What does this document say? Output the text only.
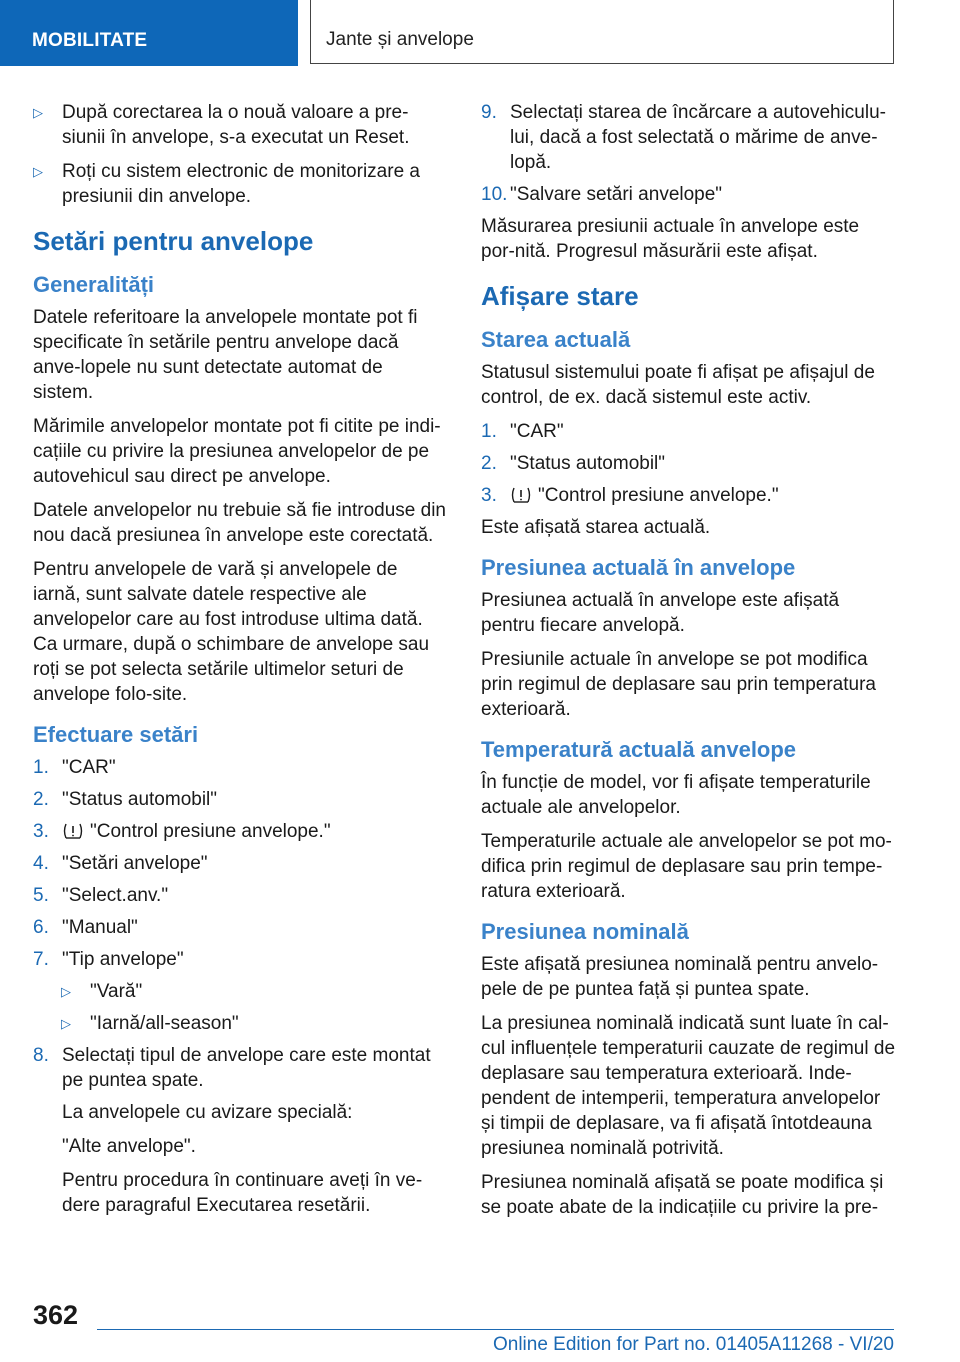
MOBILITATE	Jante și anvelope
▷ După corectarea la o nouă valoare a pre-siunii în anvelope, s-a executat un Reset.
▷ Roți cu sistem electronic de monitorizare a presiunii din anvelope.
Setări pentru anvelope
Generalități

Datele referitoare la anvelopele montate pot fi specificate în setările pentru anvelope dacă anve-lopele nu sunt detectate automat de sistem.

Mărimile anvelopelor montate pot fi citite pe indi-cațiile cu privire la presiunea anvelopelor de pe autovehicul sau direct pe anvelope.

Datele anvelopelor nu trebuie să fie introduse din nou dacă presiunea în anvelope este corectată.

Pentru anvelopele de vară și anvelopele de iarnă, sunt salvate datele respective ale anvelopelor care au fost introduse ultima dată. Ca urmare, după o schimbare de anvelope sau roți se pot selecta setările ultimelor seturi de anvelope folo-site.

Efectuare setări
1. "CAR"
2. "Status automobil"
3. "Control presiune anvelope."
4. "Setări anvelope"
5. "Select.anv."
6. "Manual"
7. "Tip anvelope"
▷ "Vară"
▷ "Iarnă/all-season"
8. Selectați tipul de anvelope care este montat pe puntea spate.

La anvelopele cu avizare specială:

"Alte anvelope".

Pentru procedura în continuare aveți în ve-dere paragraful Executarea resetării.

9. Selectați starea de încărcare a autovehiculu-lui, dacă a fost selectată o mărime de anve-lopă.
10. "Salvare setări anvelope"

Măsurarea presiunii actuale în anvelope este por-nită. Progresul măsurării este afișat.

Afișare stare
Starea actuală

Statusul sistemului poate fi afișat pe afișajul de control, de ex. dacă sistemul este activ.

1. "CAR"
2. "Status automobil"
3. "Control presiune anvelope."

Este afișată starea actuală.

Presiunea actuală în anvelope

Presiunea actuală în anvelope este afișată pentru fiecare anvelopă.

Presiunile actuale în anvelope se pot modifica prin regimul de deplasare sau prin temperatura exterioară.

Temperatură actuală anvelope

În funcție de model, vor fi afișate temperaturile actuale ale anvelopelor.

Temperaturile actuale ale anvelopelor se pot mo-difica prin regimul de deplasare sau prin tempe-ratura exterioară.

Presiunea nominală

Este afișată presiunea nominală pentru anvelo-pele de pe puntea față și puntea spate.

La presiunea nominală indicată sunt luate în cal-cul influențele temperaturii cauzate de regimul de deplasare sau temperatura exterioară. Inde-pendent de intemperii, temperatura anvelopelor și timpii de deplasare, va fi afișată întotdeauna presiunea nominală potrivită.

Presiunea nominală afișată se poate modifica și se poate abate de la indicațiile cu privire la pre-

362
Online Edition for Part no. 01405A11268 - VI/20
